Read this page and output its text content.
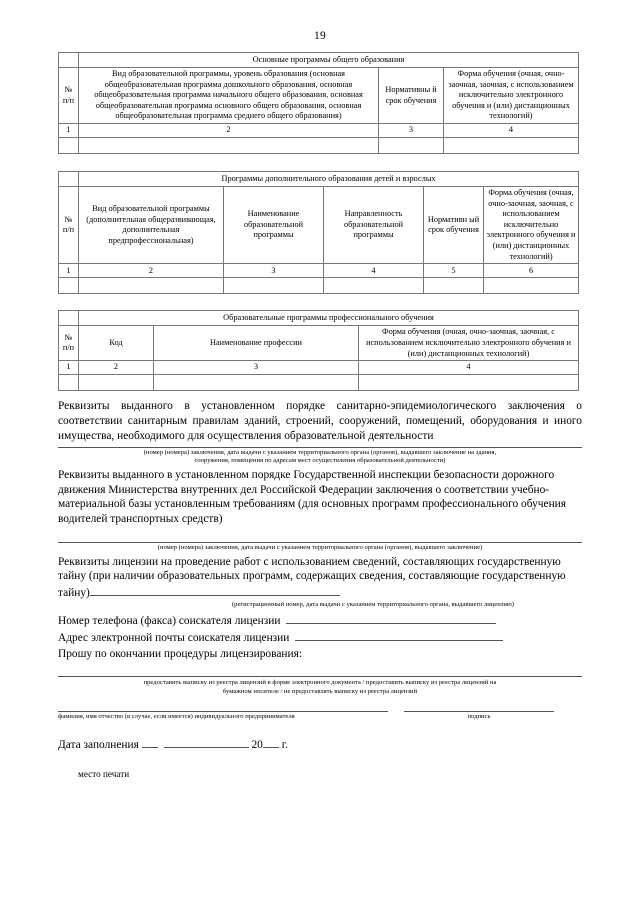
19
	Основные программы общего образования		
№
п/п	Вид образовательной программы, уровень образования (основная общеобразовательная программа дошкольного образования, основная общеобразовательная программа начального общего образования, основная общеобразовательная программа основного общего образования, основная общеобразовательная программа среднего общего образования)	Нормативны й срок обучения	Форма обучения (очная, очно-заочная, заочная, с использованием исключительно электронного обучения и (или) дистанционных технологий)
1	2	3	4

	Программы дополнительного образования детей и взрослых				
№
п/п	Вид образовательной программы (дополнительная общеразвивающая, дополнительная предпрофессиональная)	Наименование образовательной программы	Направленность образовательной программы	Нормативн ый срок обучения	Форма обучения (очная, очно-заочная, заочная, с использованием исключительно электронного обучения и (или) дистанционных технологий)
1	2	3	4	5	6

	Образовательные программы профессионального обучения		
№
п/п	Код	Наименование профессии	Форма обучения (очная, очно-заочная, заочная, с использованием исключительно электронного обучения и (или) дистанционных технологий)
1	2	3	4

Реквизиты выданного в установленном порядке санитарно-эпидемиологического заключения о соответствии санитарным правилам зданий, строений, сооружений, помещений, оборудования и иного имущества, необходимого для осуществления образовательной деятельности

(номер (номера) заключения, дата выдачи с указанием территориального органа (органов), выдавшего заключение на здания,

сооружения, помещения по адресам мест осуществления образовательной деятельности)

Реквизиты выданного в установленном порядке Государственной инспекции безопасности дорожного движения Министерства внутренних дел Российской Федерации заключения о соответствии учебно-материальной базы установленным требованиям (для основных программ профессионального обучения водителей транспортных средств)

(номер (номера) заключения, дата выдачи с указанием территориального органа (органов), выдавшего заключение)

Реквизиты лицензии на проведение работ с использованием сведений, составляющих государственную тайну (при наличии образовательных программ, содержащих сведения, составляющие государственную тайну)

(регистрационный номер, дата выдачи с указанием территориального органа, выдавшего лицензию)

Номер телефона (факса) соискателя лицензии
Адрес электронной почты соискателя лицензии
Прошу по окончании процедуры лицензирования:

предоставить выписку из реестра лицензий в форме электронного документа / предоставить выписку из реестра лицензий на

бумажном носителе / не предоставлять выписку из реестра лицензий

фамилия, имя отчество (в случае, если имеется) индивидуального предпринимателя	подпись
Дата заполнения	20 г.
место печати
